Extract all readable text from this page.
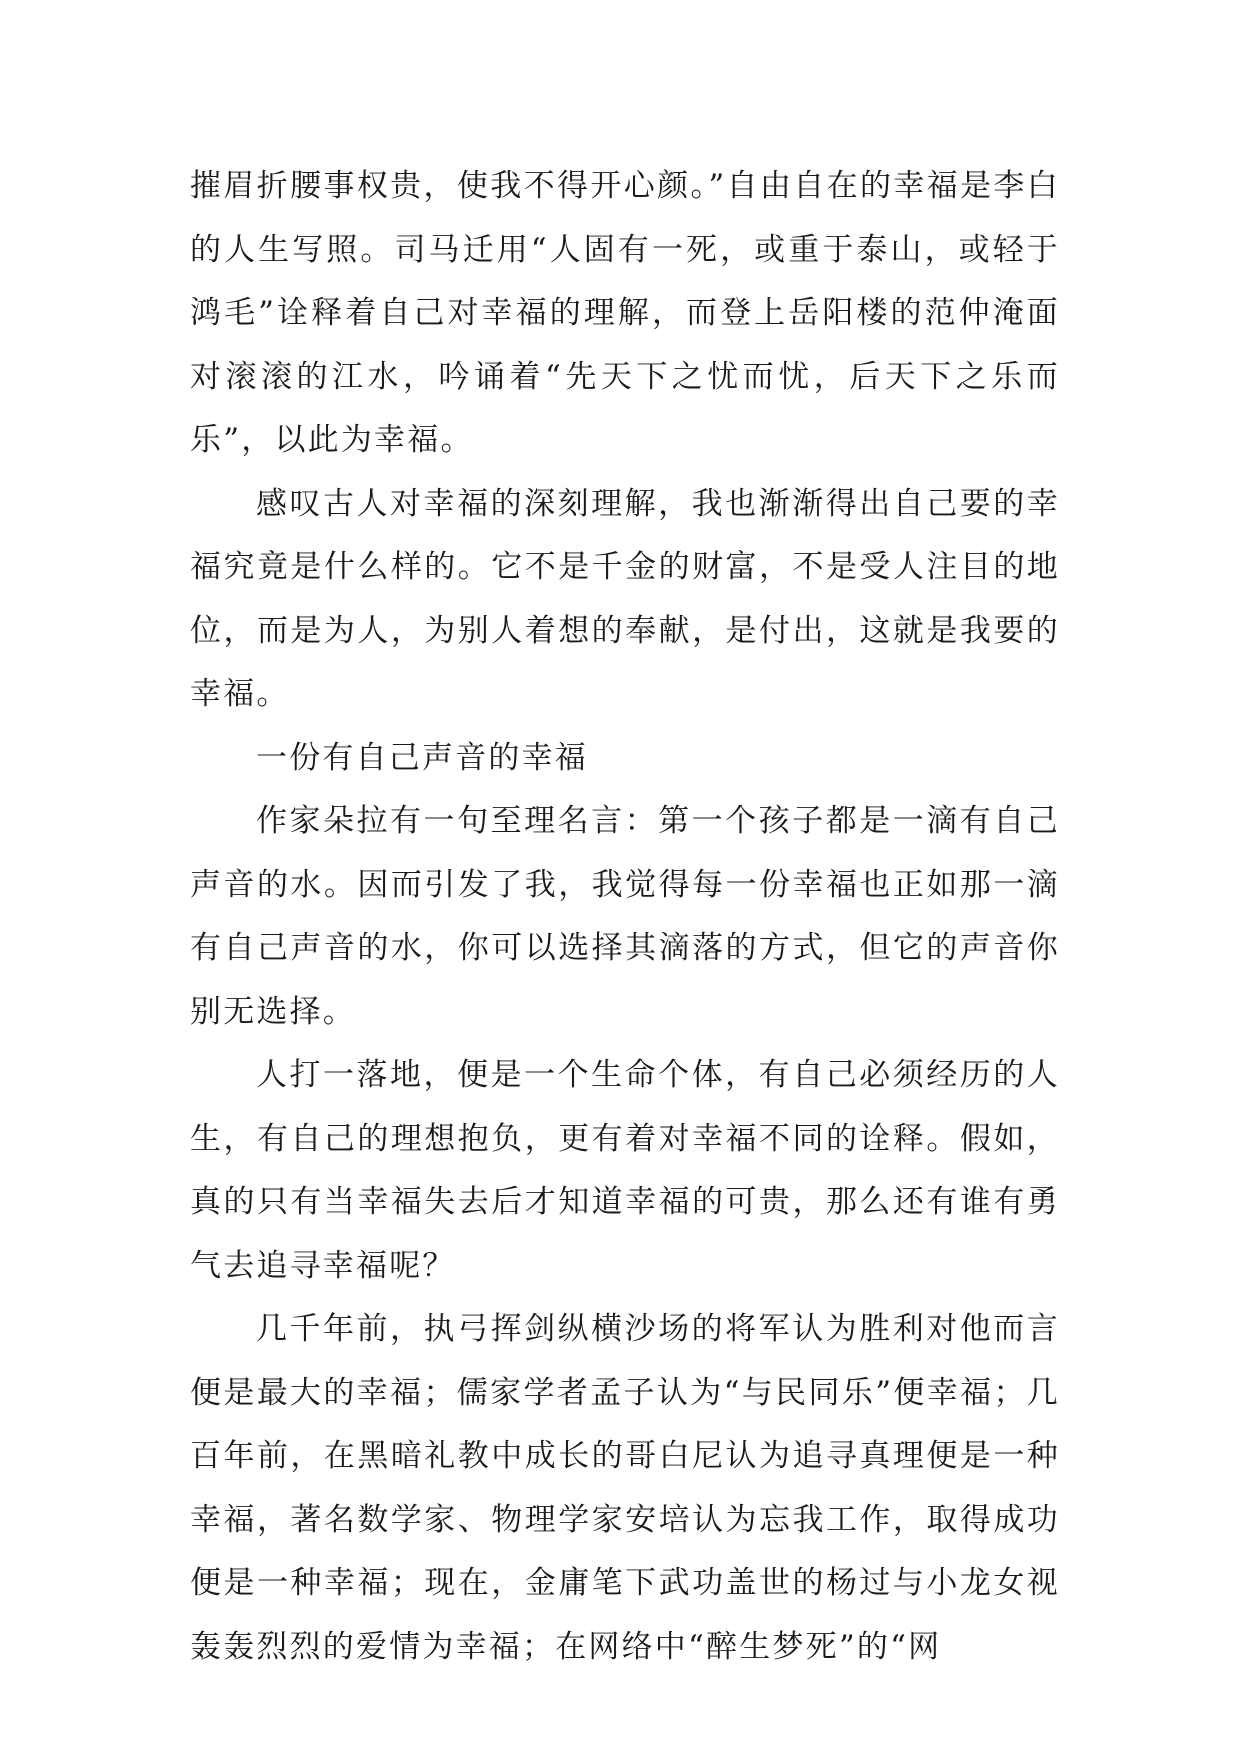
摧眉折腰事权贵，使我不得开心颜。”自由自在的幸福是李白的人生写照。司马迁用“人固有一死，或重于泰山，或轻于鸿毛”诠释着自己对幸福的理解，而登上岳阳楼的范仲淹面对滚滚的江水，吟诵着“先天下之忧而忧，后天下之乐而乐”，以此为幸福。

感叹古人对幸福的深刻理解，我也渐渐得出自己要的幸福究竟是什么样的。它不是千金的财富，不是受人注目的地位，而是为人，为别人着想的奉献，是付出，这就是我要的幸福。

一份有自己声音的幸福

作家朵拉有一句至理名言：第一个孩子都是一滴有自己声音的水。因而引发了我，我觉得每一份幸福也正如那一滴有自己声音的水，你可以选择其滴落的方式，但它的声音你别无选择。

人打一落地，便是一个生命个体，有自己必须经历的人生，有自己的理想抱负，更有着对幸福不同的诠释。假如，真的只有当幸福失去后才知道幸福的可贵，那么还有谁有勇气去追寻幸福呢？

几千年前，执弓挥剑纵横沙场的将军认为胜利对他而言便是最大的幸福；儒家学者孟子认为“与民同乐”便幸福；几百年前，在黑暗礼教中成长的哥白尼认为追寻真理便是一种幸福，著名数学家、物理学家安培认为忘我工作，取得成功便是一种幸福；现在，金庸笔下武功盖世的杨过与小龙女视轰轰烈烈的爱情为幸福；在网络中“醉生梦死”的“网
